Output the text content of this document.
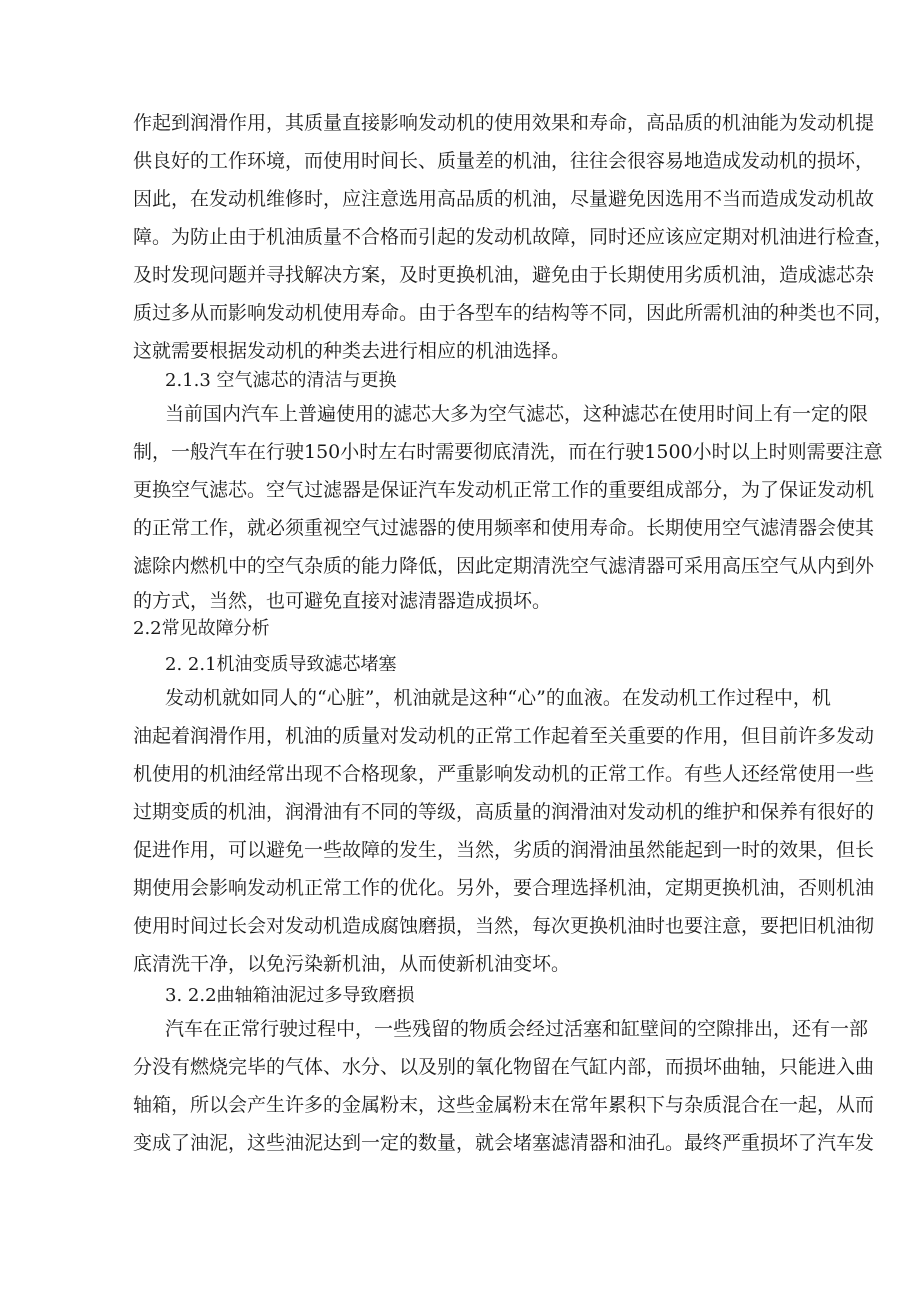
作起到润滑作用，其质量直接影响发动机的使用效果和寿命，高品质的机油能为发动机提
供良好的工作环境，而使用时间长、质量差的机油，往往会很容易地造成发动机的损坏，
因此，在发动机维修时，应注意选用高品质的机油，尽量避免因选用不当而造成发动机故
障。为防止由于机油质量不合格而引起的发动机故障，同时还应该应定期对机油进行检查，
及时发现问题并寻找解决方案，及时更换机油，避免由于长期使用劣质机油，造成滤芯杂
质过多从而影响发动机使用寿命。由于各型车的结构等不同，因此所需机油的种类也不同，
这就需要根据发动机的种类去进行相应的机油选择。
2.1.3 空气滤芯的清洁与更换
当前国内汽车上普遍使用的滤芯大多为空气滤芯，这种滤芯在使用时间上有一定的限
制，一般汽车在行驶150小时左右时需要彻底清洗，而在行驶1500小时以上时则需要注意
更换空气滤芯。空气过滤器是保证汽车发动机正常工作的重要组成部分，为了保证发动机
的正常工作，就必须重视空气过滤器的使用频率和使用寿命。长期使用空气滤清器会使其
滤除内燃机中的空气杂质的能力降低，因此定期清洗空气滤清器可采用高压空气从内到外
的方式，当然，也可避免直接对滤清器造成损坏。
2.2常见故障分析
2. 2.1机油变质导致滤芯堵塞
发动机就如同人的“心脏”，机油就是这种“心”的血液。在发动机工作过程中，机
油起着润滑作用，机油的质量对发动机的正常工作起着至关重要的作用，但目前许多发动
机使用的机油经常出现不合格现象，严重影响发动机的正常工作。有些人还经常使用一些
过期变质的机油，润滑油有不同的等级，高质量的润滑油对发动机的维护和保养有很好的
促进作用，可以避免一些故障的发生，当然，劣质的润滑油虽然能起到一时的效果，但长
期使用会影响发动机正常工作的优化。另外，要合理选择机油，定期更换机油，否则机油
使用时间过长会对发动机造成腐蚀磨损，当然，每次更换机油时也要注意，要把旧机油彻
底清洗干净，以免污染新机油，从而使新机油变坏。
3. 2.2曲轴箱油泥过多导致磨损
汽车在正常行驶过程中，一些残留的物质会经过活塞和缸壁间的空隙排出，还有一部
分没有燃烧完毕的气体、水分、以及别的氧化物留在气缸内部，而损坏曲轴，只能进入曲
轴箱，所以会产生许多的金属粉末，这些金属粉末在常年累积下与杂质混合在一起，从而
变成了油泥，这些油泥达到一定的数量，就会堵塞滤清器和油孔。最终严重损坏了汽车发
